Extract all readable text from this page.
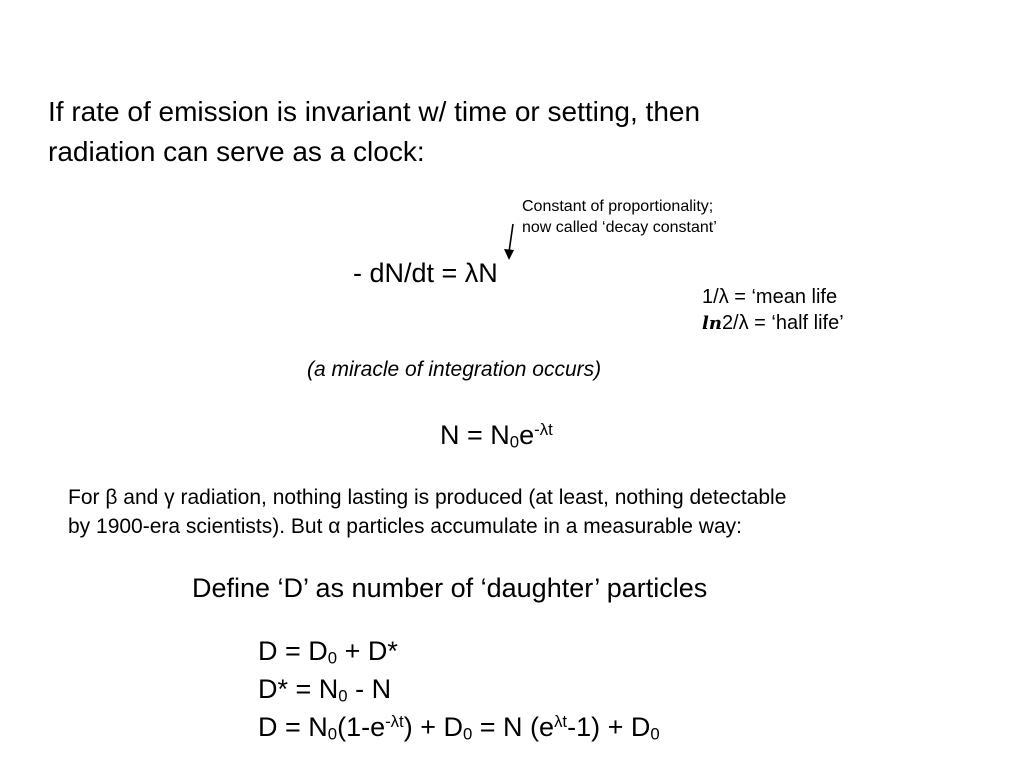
If rate of emission is invariant w/ time or setting, then
radiation can serve as a clock:
Constant of proportionality;
now called ‘decay constant’
- dN/dt = λN
1/λ = ‘mean life
ln2/λ = ‘half life’
(a miracle of integration occurs)
$N = N_0e^{-\lambda t}$
For β and γ radiation, nothing lasting is produced (at least, nothing detectable
by 1900-era scientists). But α particles accumulate in a measurable way:
Define ‘D’ as number of ‘daughter’ particles
$D = D_0 + D*$
$D* = N_0 - N$
$D = N_0(1-e^{-\lambda t}) + D_0 = N$ $(e^{\lambda t}-1) + D_0$
